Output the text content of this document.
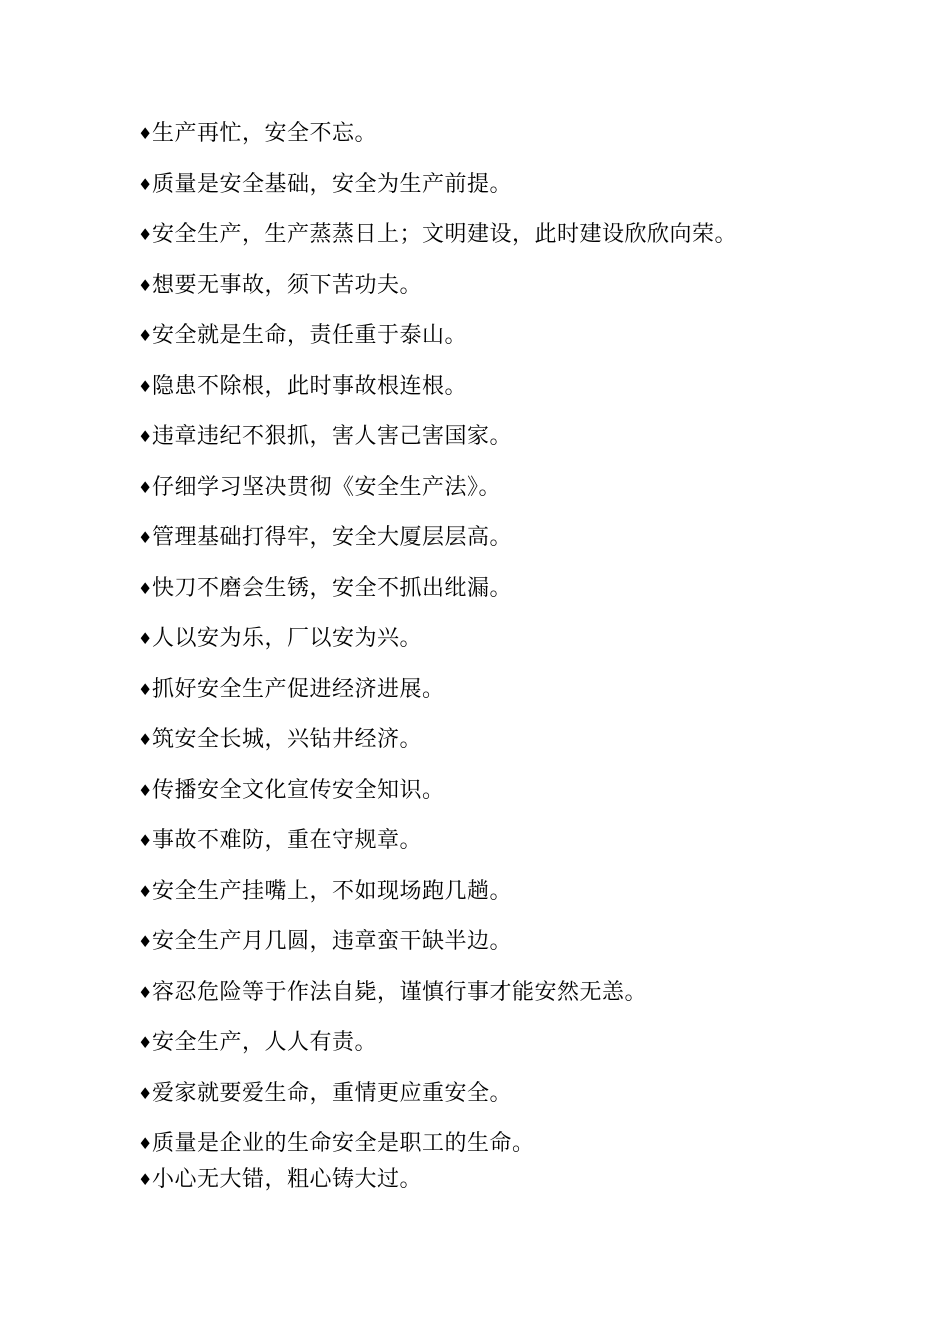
♦生产再忙，安全不忘。
♦质量是安全基础，安全为生产前提。
♦安全生产，生产蒸蒸日上；文明建设，此时建设欣欣向荣。
♦想要无事故，须下苦功夫。
♦安全就是生命，责任重于泰山。
♦隐患不除根，此时事故根连根。
♦违章违纪不狠抓，害人害己害国家。
♦仔细学习坚决贯彻《安全生产法》。
♦管理基础打得牢，安全大厦层层高。
♦快刀不磨会生锈，安全不抓出纰漏。
♦人以安为乐，厂以安为兴。
♦抓好安全生产促进经济进展。
♦筑安全长城，兴钻井经济。
♦传播安全文化宣传安全知识。
♦事故不难防，重在守规章。
♦安全生产挂嘴上，不如现场跑几趟。
♦安全生产月几圆，违章蛮干缺半边。
♦容忍危险等于作法自毙，谨慎行事才能安然无恙。
♦安全生产，人人有责。
♦爱家就要爱生命，重情更应重安全。
♦质量是企业的生命安全是职工的生命。
♦小心无大错，粗心铸大过。
